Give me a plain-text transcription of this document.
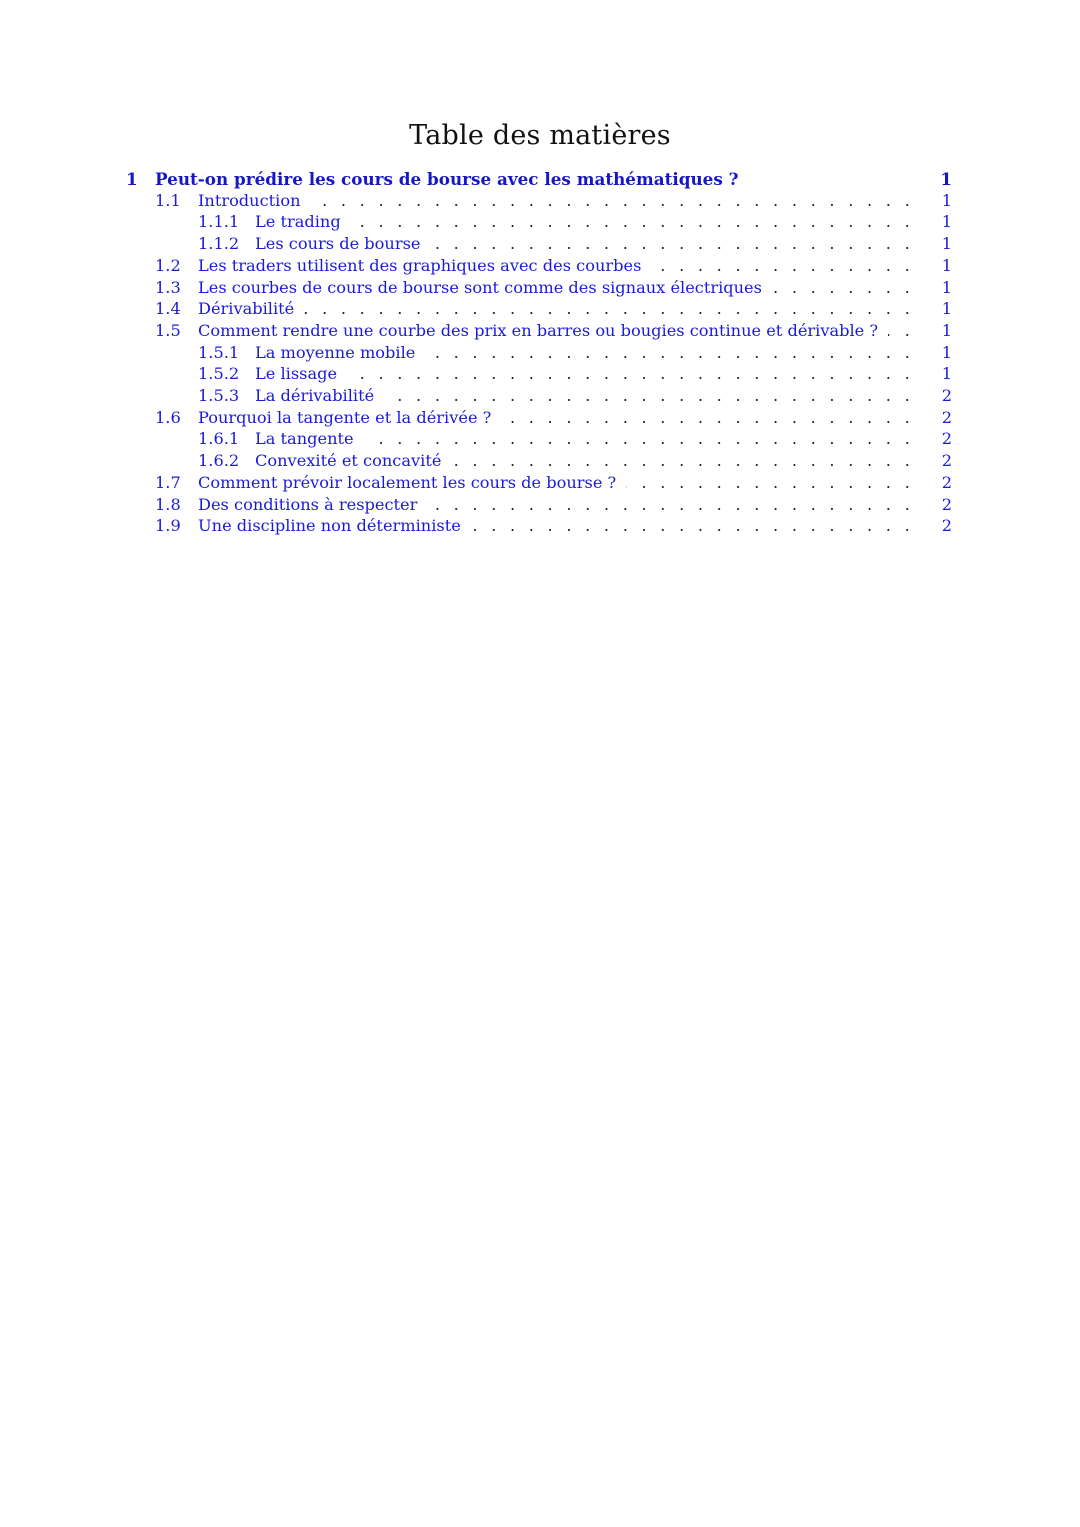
Table des matières
1 Peut-on prédire les cours de bourse avec les mathématiques ?	1
1.1 . . . Introduction	1
1.1.1 . . . Le trading	1
1.1.2 . . . Les cours de bourse	1
1.2 . . . Les traders utilisent des graphiques avec des courbes	1
1.3 . . . Les courbes de cours de bourse sont comme des signaux électriques	1
1.4 . . . Dérivabilité	1
1.5 . . . Comment rendre une courbe des prix en barres ou bougies continue et dérivable ?	1
1.5.1 . . . La moyenne mobile	1
1.5.2 . . . Le lissage	1
1.5.3 . . . La dérivabilité	2
1.6 . . . Pourquoi la tangente et la dérivée ?	2
1.6.1 . . . La tangente	2
1.6.2 . . . Convexité et concavité	2
1.7 . . . Comment prévoir localement les cours de bourse ?	2
1.8 . . . Des conditions à respecter	2
1.9 . . . Une discipline non déterministe	2
